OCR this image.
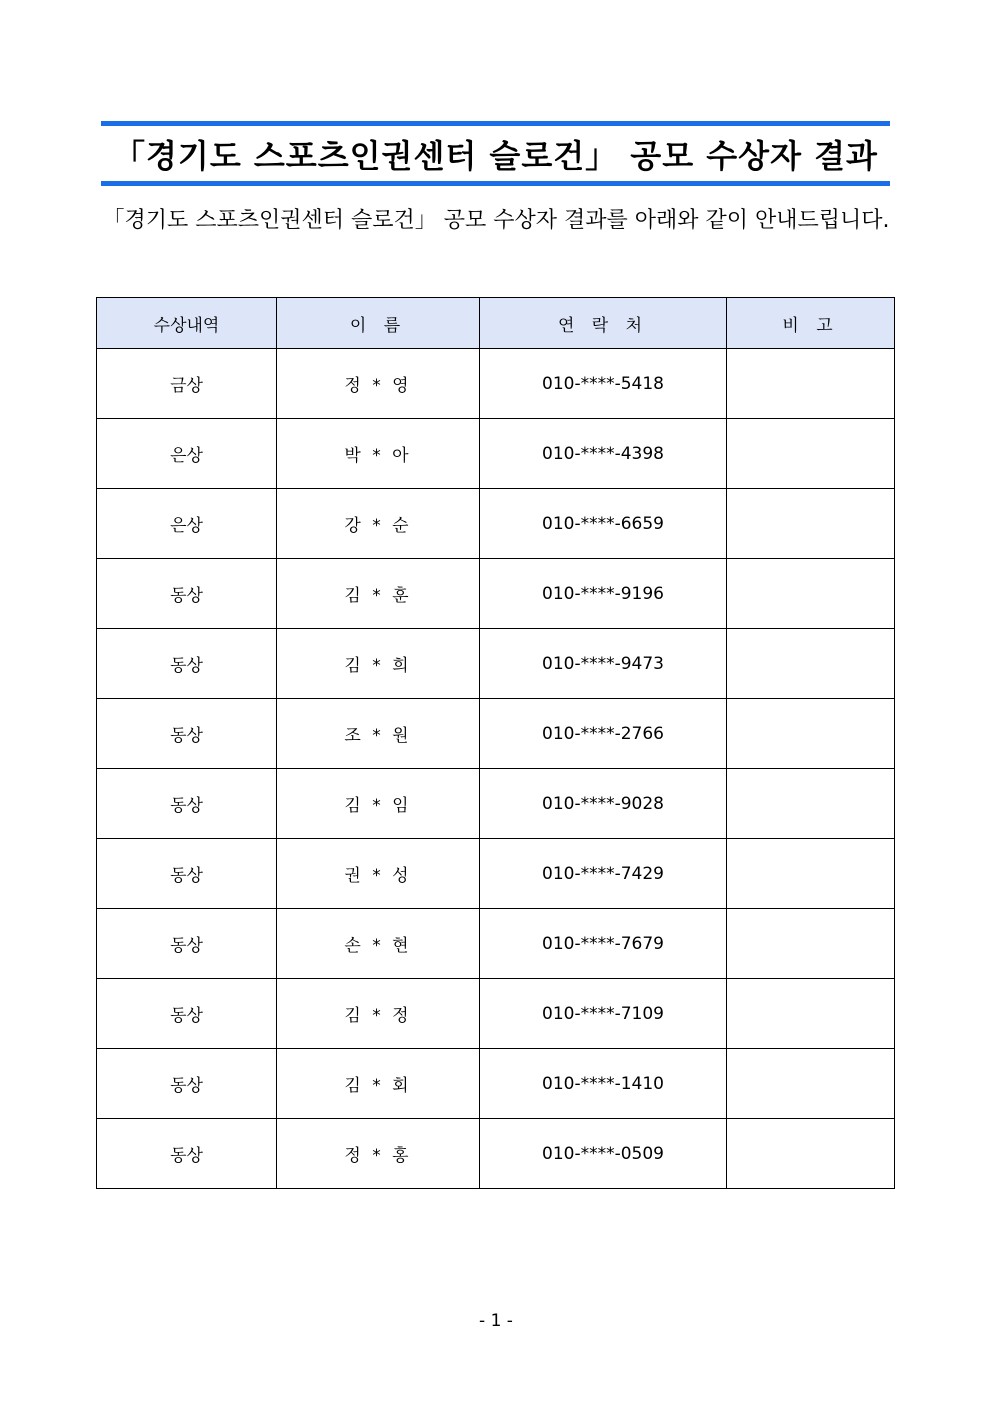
「경기도 스포츠인권센터 슬로건」 공모 수상자 결과
「경기도 스포츠인권센터 슬로건」 공모 수상자 결과를 아래와 같이 안내드립니다.
수상내역	이 름	연 락 처	비 고
금상	정 * 영	010-****-5418	
은상	박 * 아	010-****-4398	
은상	강 * 순	010-****-6659	
동상	김 * 훈	010-****-9196	
동상	김 * 희	010-****-9473	
동상	조 * 원	010-****-2766	
동상	김 * 임	010-****-9028	
동상	권 * 성	010-****-7429	
동상	손 * 현	010-****-7679	
동상	김 * 정	010-****-7109	
동상	김 * 회	010-****-1410	
동상	정 * 홍	010-****-0509	
- 1 -
